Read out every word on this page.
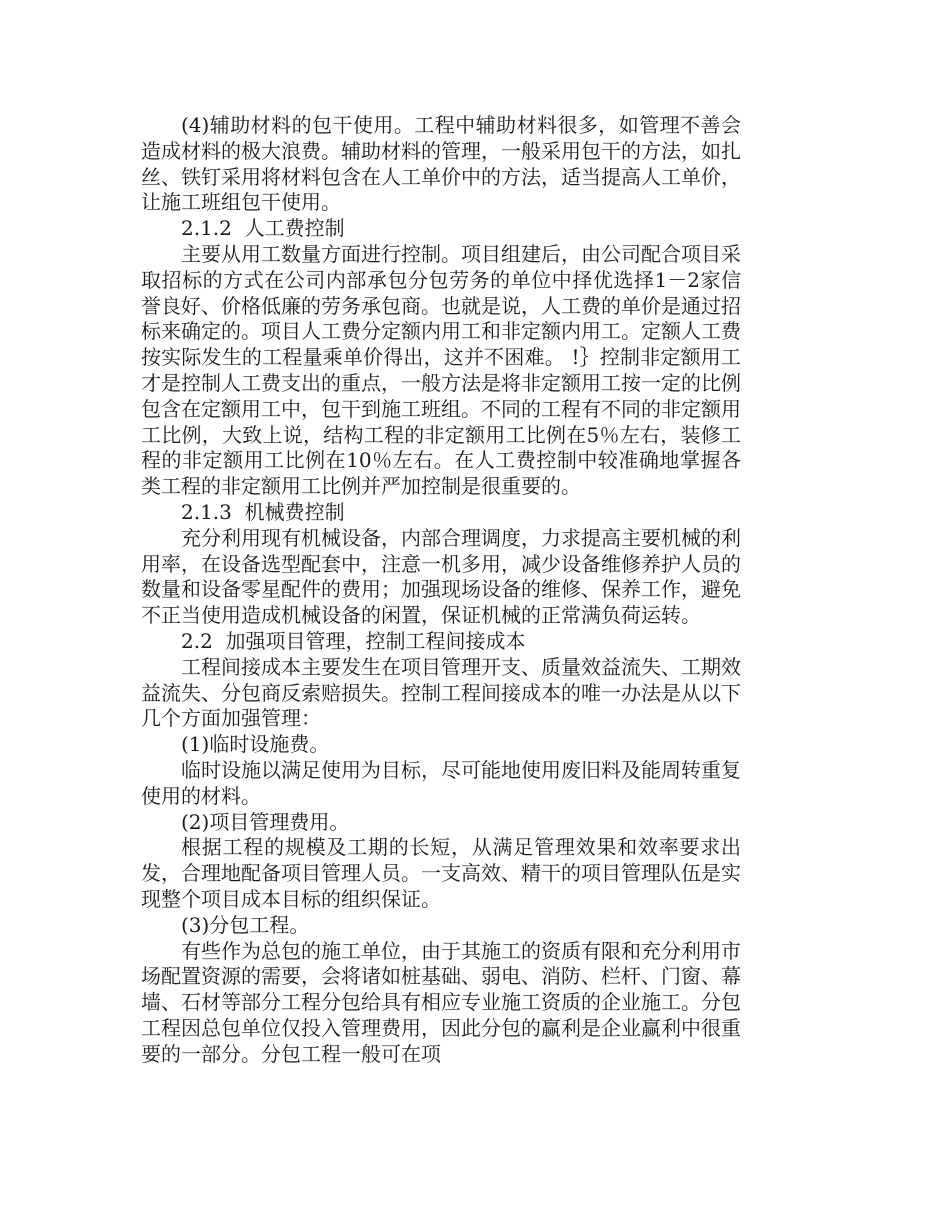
(4)辅助材料的包干使用。工程中辅助材料很多，如管理不善会造成材料的极大浪费。辅助材料的管理，一般采用包干的方法，如扎丝、铁钉采用将材料包含在人工单价中的方法，适当提高人工单价，让施工班组包干使用。

2.1.2  人工费控制

主要从用工数量方面进行控制。项目组建后，由公司配合项目采取招标的方式在公司内部承包分包劳务的单位中择优选择1－2家信誉良好、价格低廉的劳务承包商。也就是说，人工费的单价是通过招标来确定的。项目人工费分定额内用工和非定额内用工。定额人工费按实际发生的工程量乘单价得出，这并不困难。 !｝控制非定额用工才是控制人工费支出的重点，一般方法是将非定额用工按一定的比例包含在定额用工中，包干到施工班组。不同的工程有不同的非定额用工比例，大致上说，结构工程的非定额用工比例在5％左右，装修工程的非定额用工比例在10％左右。在人工费控制中较准确地掌握各类工程的非定额用工比例并严加控制是很重要的。

2.1.3  机械费控制

充分利用现有机械设备，内部合理调度，力求提高主要机械的利用率，在设备选型配套中，注意一机多用，减少设备维修养护人员的数量和设备零星配件的费用；加强现场设备的维修、保养工作，避免不正当使用造成机械设备的闲置，保证机械的正常满负荷运转。

2.2  加强项目管理，控制工程间接成本

工程间接成本主要发生在项目管理开支、质量效益流失、工期效益流失、分包商反索赔损失。控制工程间接成本的唯一办法是从以下几个方面加强管理：

(1)临时设施费。

临时设施以满足使用为目标，尽可能地使用废旧料及能周转重复使用的材料。

(2)项目管理费用。

根据工程的规模及工期的长短，从满足管理效果和效率要求出发，合理地配备项目管理人员。一支高效、精干的项目管理队伍是实现整个项目成本目标的组织保证。

(3)分包工程。

有些作为总包的施工单位，由于其施工的资质有限和充分利用市场配置资源的需要，会将诸如桩基础、弱电、消防、栏杆、门窗、幕墙、石材等部分工程分包给具有相应专业施工资质的企业施工。分包工程因总包单位仅投入管理费用，因此分包的赢利是企业赢利中很重要的一部分。分包工程一般可在项
